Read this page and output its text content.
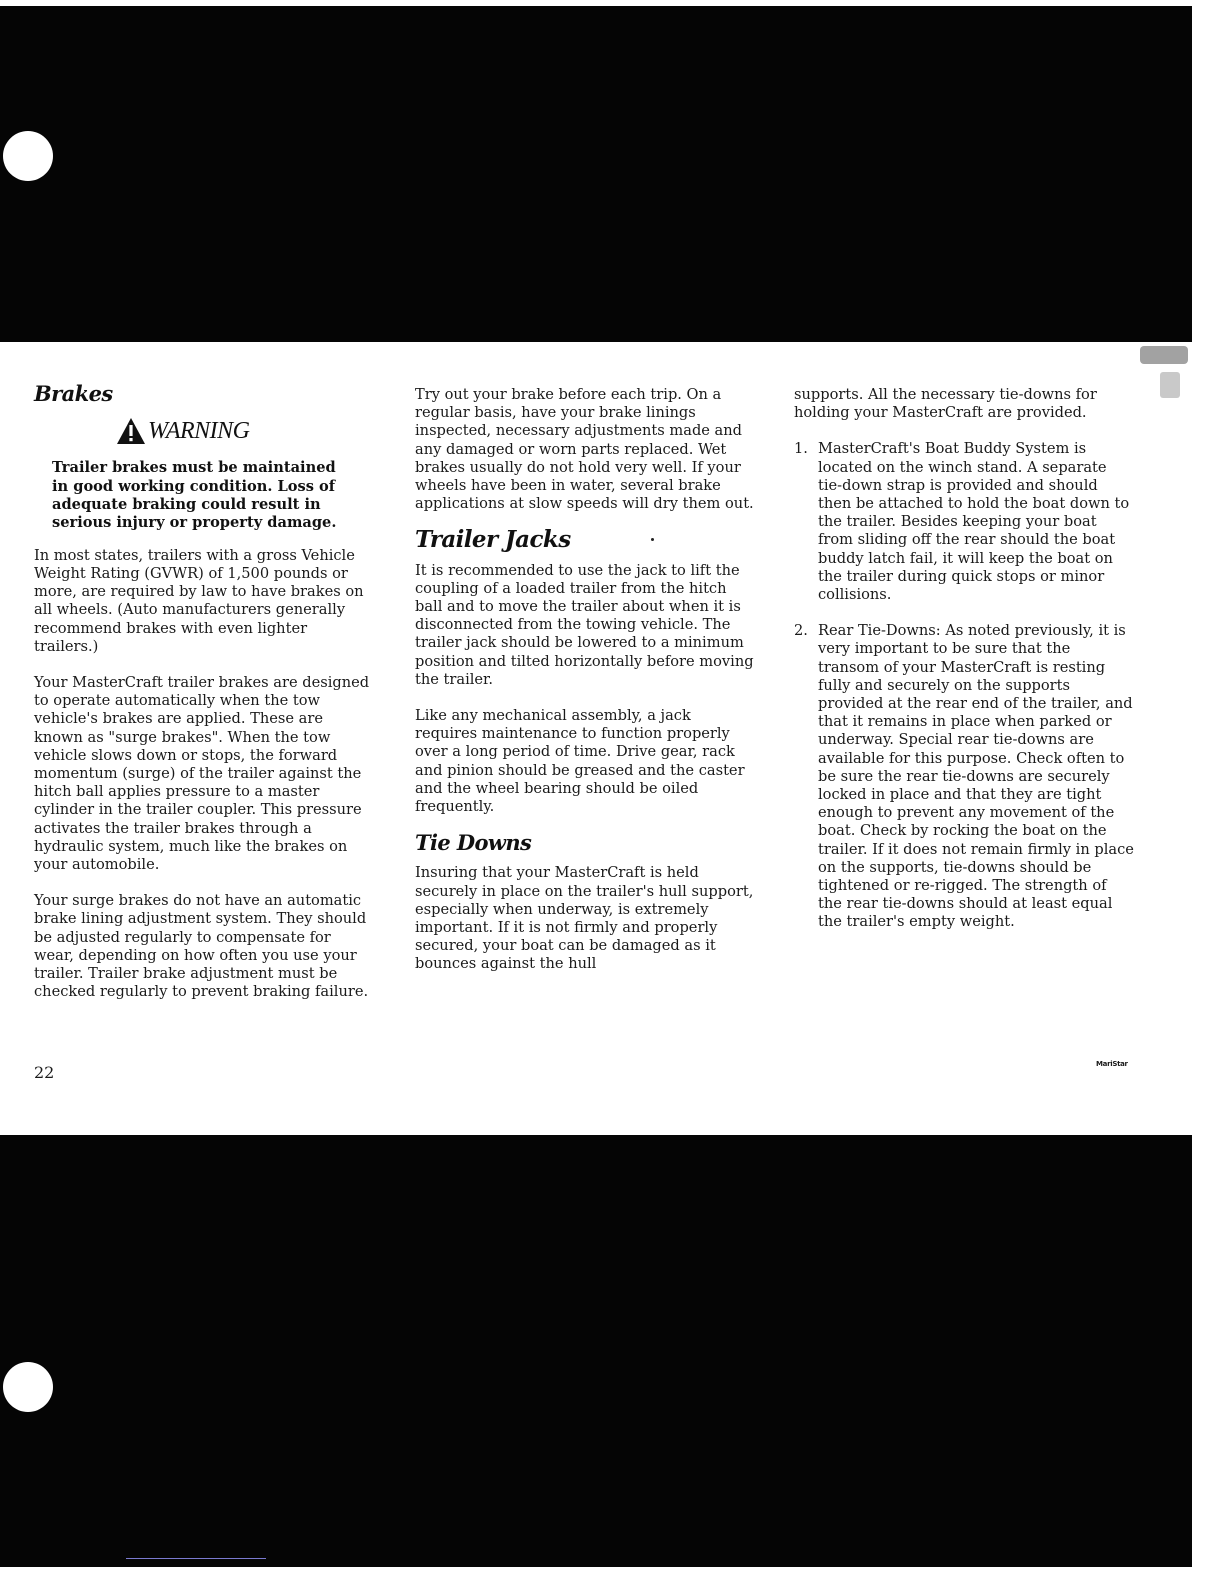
Brakes
WARNING

Trailer brakes must be maintained in good working condition. Loss of adequate braking could result in serious injury or property damage.

In most states, trailers with a gross Vehicle Weight Rating (GVWR) of 1,500 pounds or more, are required by law to have brakes on all wheels. (Auto manufacturers generally recommend brakes with even lighter trailers.)

Your MasterCraft trailer brakes are designed to operate automatically when the tow vehicle's brakes are applied. These are known as "surge brakes". When the tow vehicle slows down or stops, the forward momentum (surge) of the trailer against the hitch ball applies pressure to a master cylinder in the trailer coupler. This pressure activates the trailer brakes through a hydraulic system, much like the brakes on your automobile.

Your surge brakes do not have an automatic brake lining adjustment system. They should be adjusted regularly to compensate for wear, depending on how often you use your trailer. Trailer brake adjustment must be checked regularly to prevent braking failure.

Try out your brake before each trip. On a regular basis, have your brake linings inspected, necessary adjustments made and any damaged or worn parts replaced. Wet brakes usually do not hold very well. If your wheels have been in water, several brake applications at slow speeds will dry them out.

Trailer Jacks

It is recommended to use the jack to lift the coupling of a loaded trailer from the hitch ball and to move the trailer about when it is disconnected from the towing vehicle. The trailer jack should be lowered to a minimum position and tilted horizontally before moving the trailer.

Like any mechanical assembly, a jack requires maintenance to function properly over a long period of time. Drive gear, rack and pinion should be greased and the caster and the wheel bearing should be oiled frequently.

Tie Downs

Insuring that your MasterCraft is held securely in place on the trailer's hull support, especially when underway, is extremely important. If it is not firmly and properly secured, your boat can be damaged as it bounces against the hull

supports. All the necessary tie-downs for holding your MasterCraft are provided.

1. MasterCraft's Boat Buddy System is located on the winch stand. A separate tie-down strap is provided and should then be attached to hold the boat down to the trailer. Besides keeping your boat from sliding off the rear should the boat buddy latch fail, it will keep the boat on the trailer during quick stops or minor collisions.
2. Rear Tie-Downs: As noted previously, it is very important to be sure that the transom of your MasterCraft is resting fully and securely on the supports provided at the rear end of the trailer, and that it remains in place when parked or underway. Special rear tie-downs are available for this purpose. Check often to be sure the rear tie-downs are securely locked in place and that they are tight enough to prevent any movement of the boat. Check by rocking the boat on the trailer. If it does not remain firmly in place on the supports, tie-downs should be tightened or re-rigged. The strength of the rear tie-downs should at least equal the trailer's empty weight.
22	MariStar
